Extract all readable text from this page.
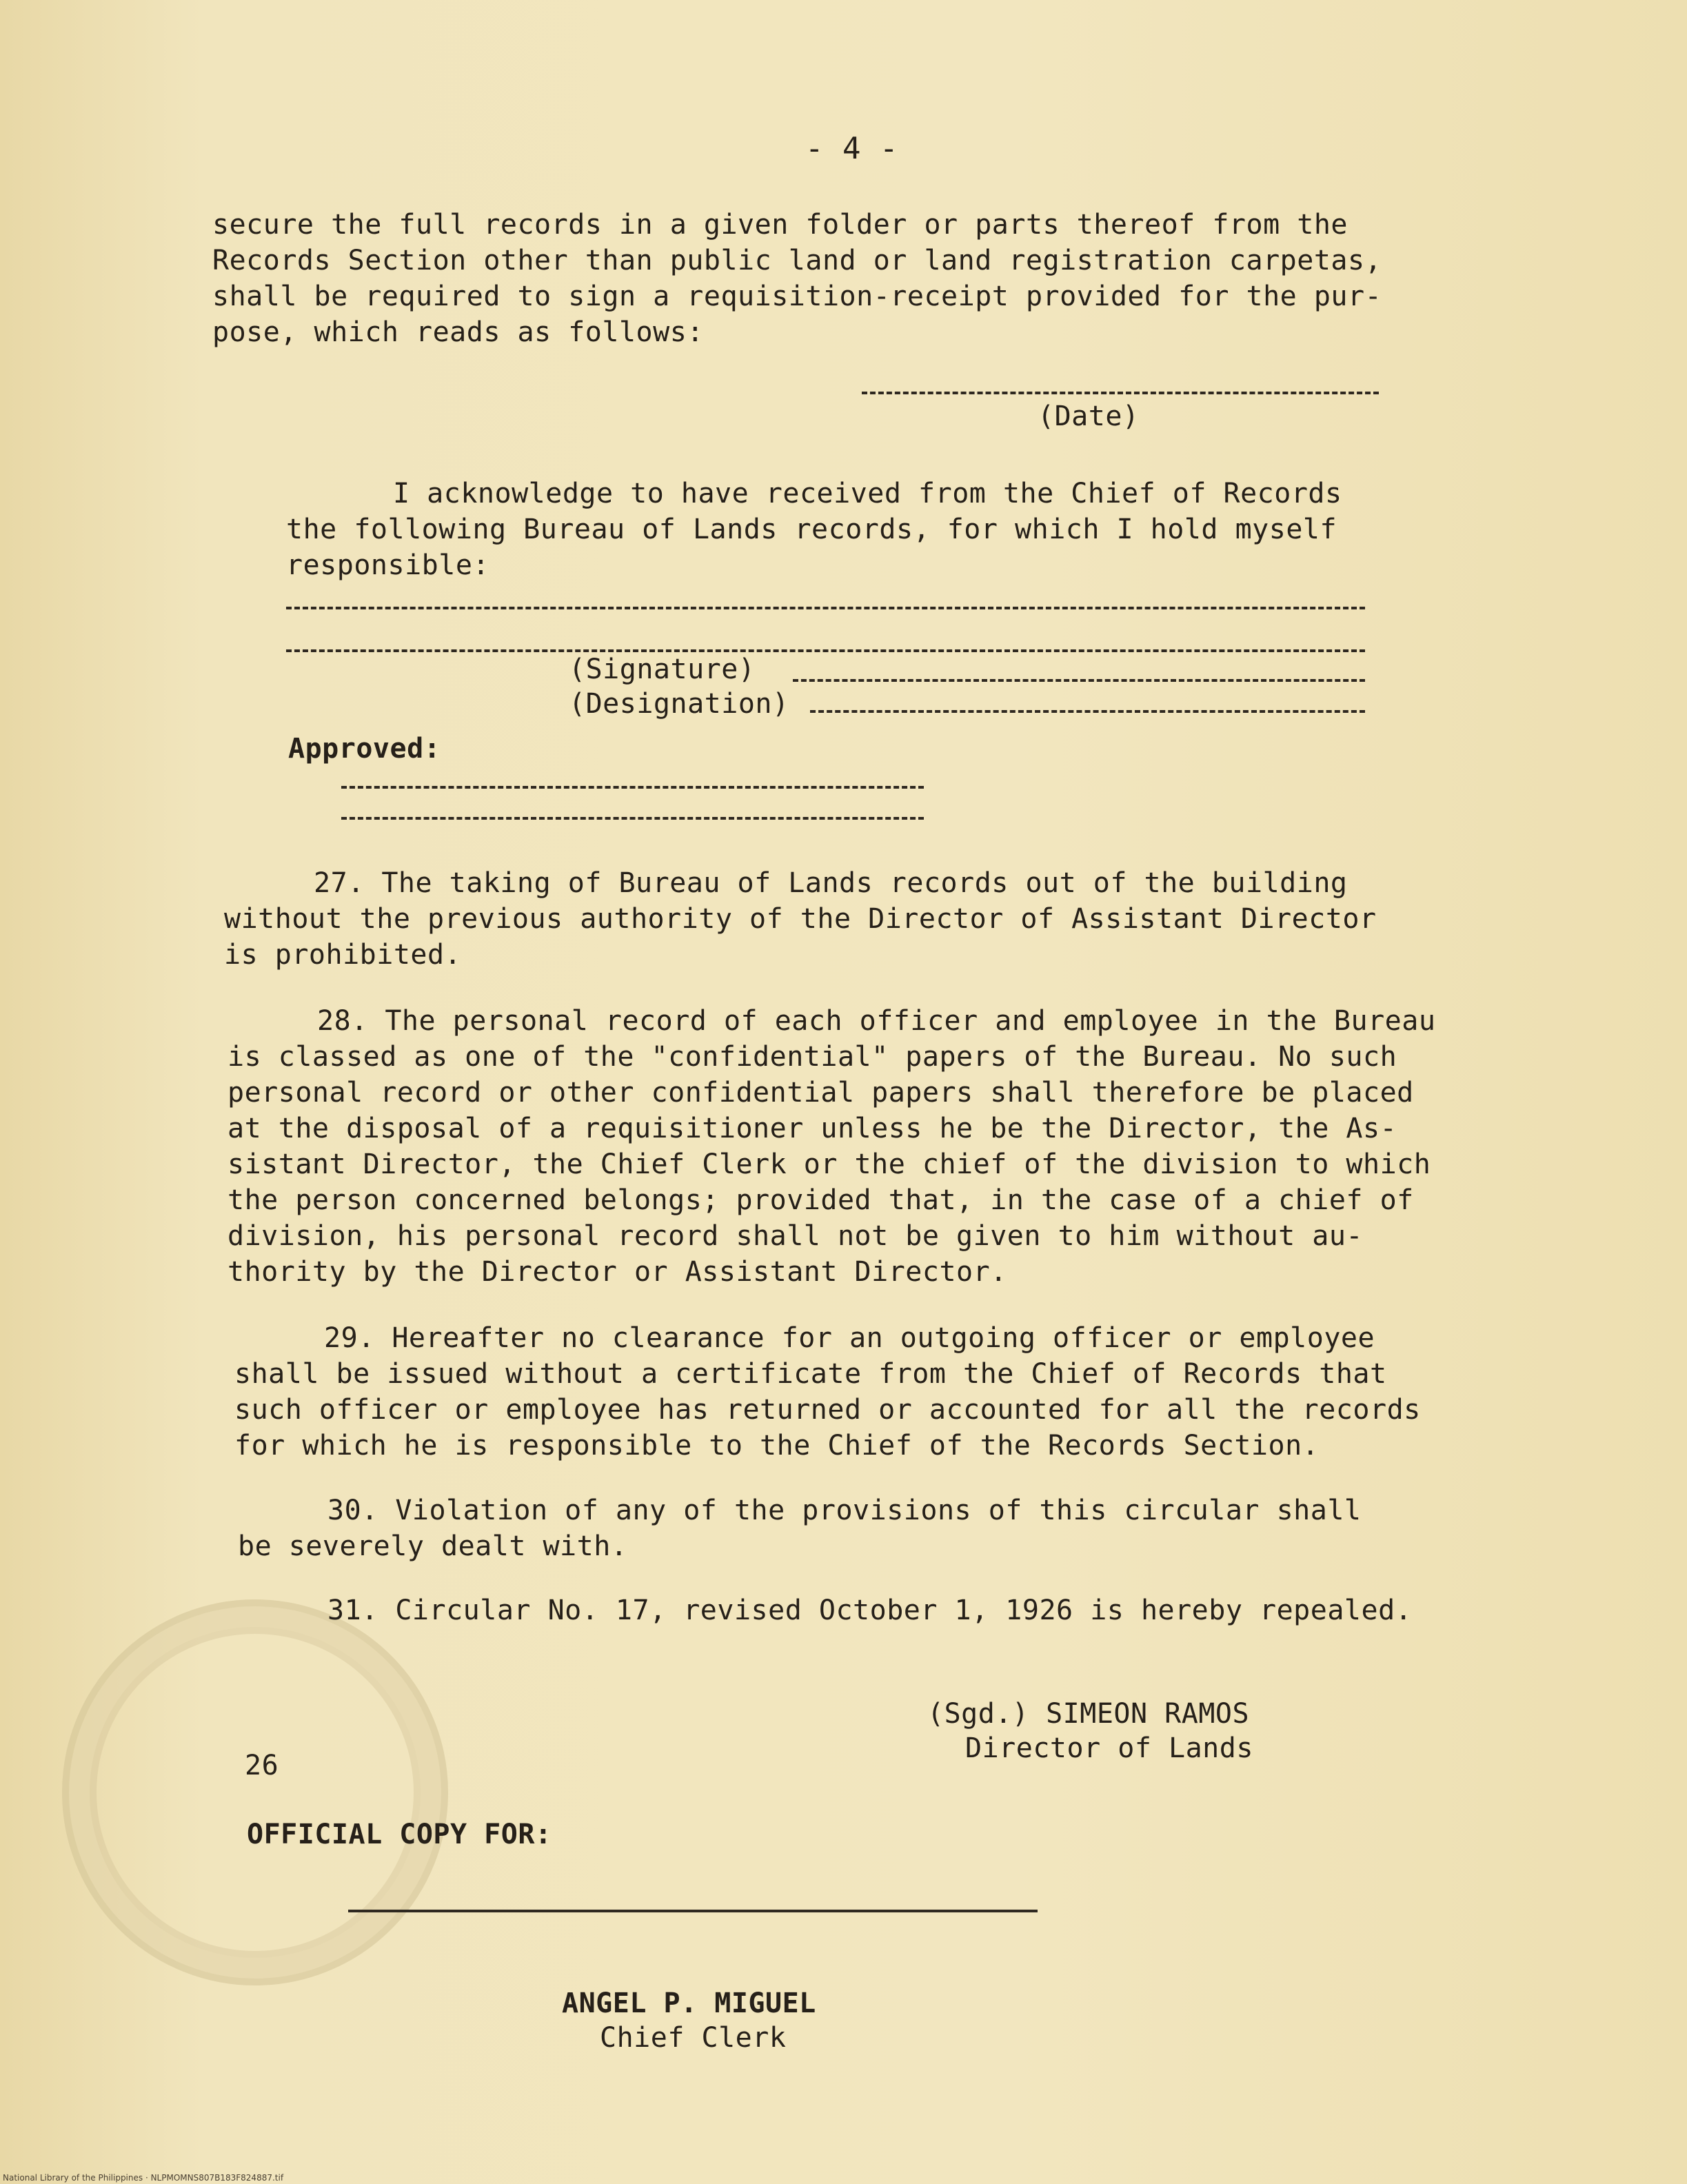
- 4 -
secure the full records in a given folder or parts thereof from the
Records Section other than public land or land registration carpetas,
shall be required to sign a requisition-receipt provided for the pur-
pose, which reads as follows:
(Date)
I acknowledge to have received from the Chief of Records
the following Bureau of Lands records, for which I hold myself
responsible:
(Signature)
(Designation)
Approved:
27. The taking of Bureau of Lands records out of the building
without the previous authority of the Director of Assistant Director
is prohibited.
28. The personal record of each officer and employee in the Bureau
is classed as one of the "confidential" papers of the Bureau. No such
personal record or other confidential papers shall therefore be placed
at the disposal of a requisitioner unless he be the Director, the As-
sistant Director, the Chief Clerk or the chief of the division to which
the person concerned belongs; provided that, in the case of a chief of
division, his personal record shall not be given to him without au-
thority by the Director or Assistant Director.
29. Hereafter no clearance for an outgoing officer or employee
shall be issued without a certificate from the Chief of Records that
such officer or employee has returned or accounted for all the records
for which he is responsible to the Chief of the Records Section.
30. Violation of any of the provisions of this circular shall
be severely dealt with.
31. Circular No. 17, revised October 1, 1926 is hereby repealed.
(Sgd.) SIMEON RAMOS
Director of Lands
26
OFFICIAL COPY FOR:
ANGEL P. MIGUEL
Chief Clerk
National Library of the Philippines · NLPMOMNS807B183F824887.tif
